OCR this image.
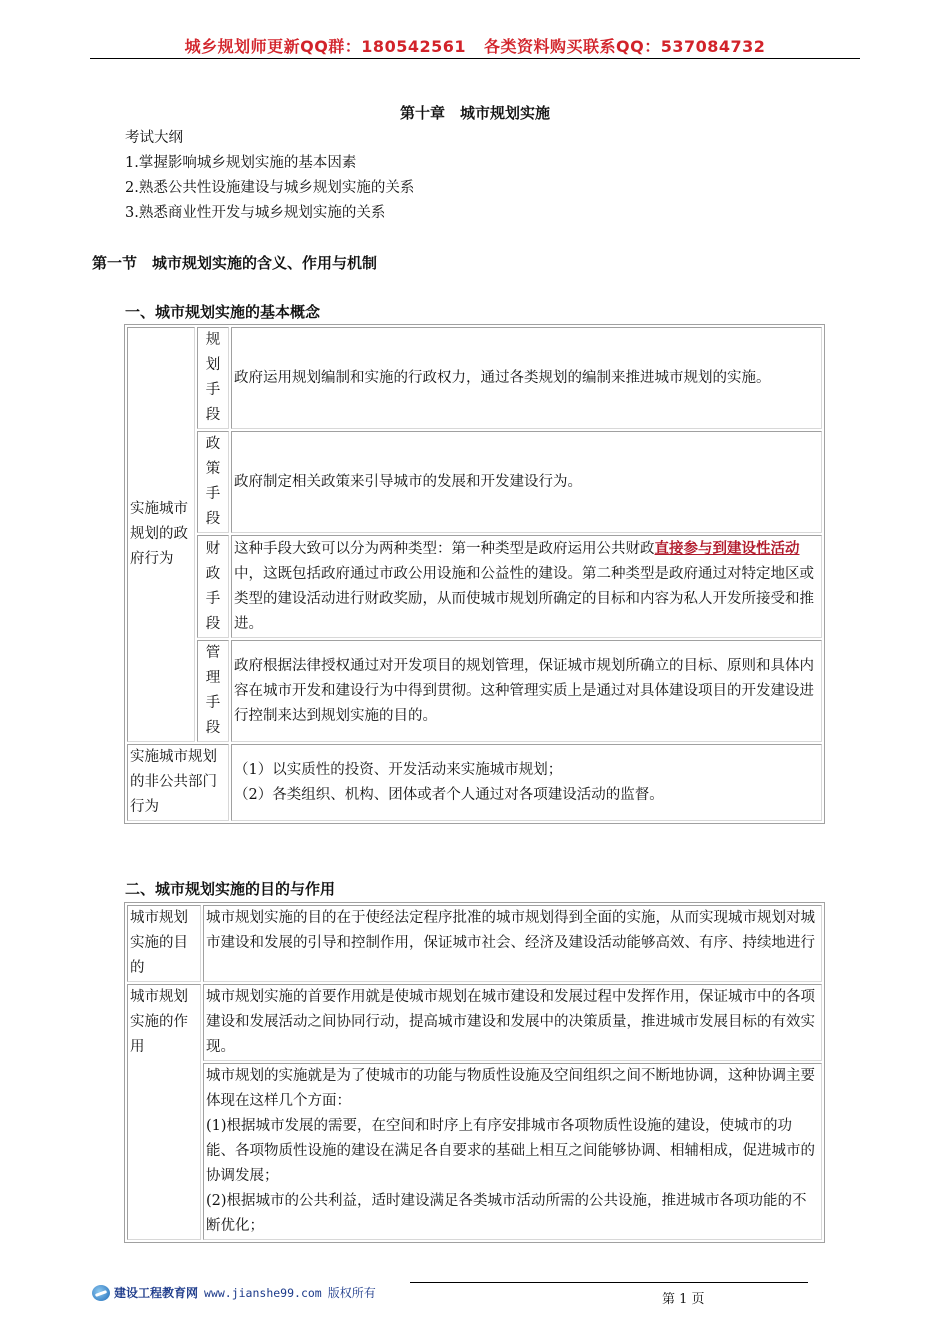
城乡规划师更新QQ群：180542561 各类资料购买联系QQ：537084732
第十章　城市规划实施
考试大纲
1.掌握影响城乡规划实施的基本因素
2.熟悉公共性设施建设与城乡规划实施的关系
3.熟悉商业性开发与城乡规划实施的关系
第一节　城市规划实施的含义、作用与机制
一、城市规划实施的基本概念
实施城市规划的政府行为	规
划
手
段	政府运用规划编制和实施的行政权力，通过各类规划的编制来推进城市规划的实施。

	政
策
手
段	政府制定相关政策来引导城市的发展和开发建设行为。

	财
政
手
段	这种手段大致可以分为两种类型：第一种类型是政府运用公共财政直接参与到建设性活动中，这既包括政府通过市政公用设施和公益性的建设。第二种类型是政府通过对特定地区或类型的建设活动进行财政奖励，从而使城市规划所确定的目标和内容为私人开发所接受和推进。

	管
理
手
段	政府根据法律授权通过对开发项目的规划管理，保证城市规划所确立的目标、原则和具体内容在城市开发和建设行为中得到贯彻。这种管理实质上是通过对具体建设项目的开发建设进行控制来达到规划实施的目的。
实施城市规划的非公共部门行为		（1）以实质性的投资、开发活动来实施城市规划；
（2）各类组织、机构、团体或者个人通过对各项建设活动的监督。
二、城市规划实施的目的与作用
城市规划实施的目的	城市规划实施的目的在于使经法定程序批准的城市规划得到全面的实施，从而实现城市规划对城市建设和发展的引导和控制作用，保证城市社会、经济及建设活动能够高效、有序、持续地进行
城市规划实施的作用	城市规划实施的首要作用就是使城市规划在城市建设和发展过程中发挥作用，保证城市中的各项建设和发展活动之间协同行动，提高城市建设和发展中的决策质量，推进城市发展目标的有效实现。

	城市规划的实施就是为了使城市的功能与物质性设施及空间组织之间不断地协调，这种协调主要体现在这样几个方面：
(1)根据城市发展的需要，在空间和时序上有序安排城市各项物质性设施的建设，使城市的功能、各项物质性设施的建设在满足各自要求的基础上相互之间能够协调、相辅相成，促进城市的协调发展；
(2)根据城市的公共利益，适时建设满足各类城市活动所需的公共设施，推进城市各项功能的不断优化；
建设工程教育网 www.jianshe99.com 版权所有	第 1 页
